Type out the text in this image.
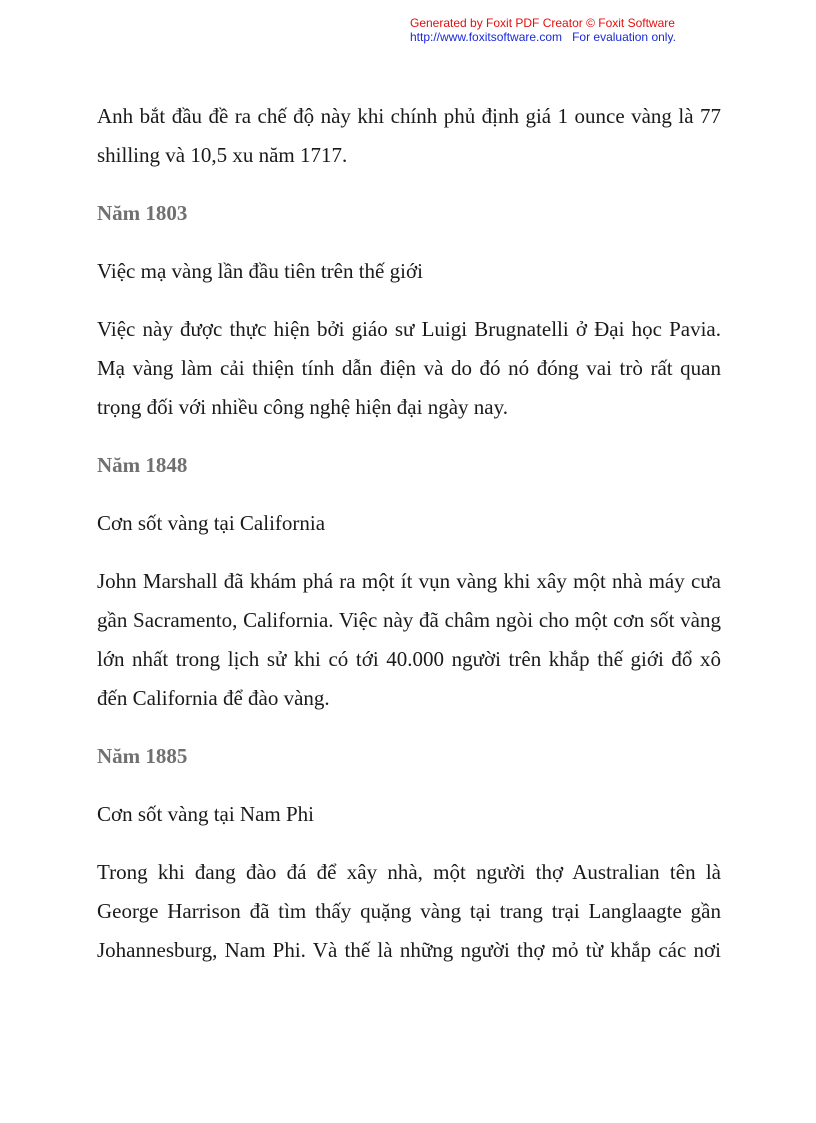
Generated by Foxit PDF Creator © Foxit Software
http://www.foxitsoftware.com For evaluation only.

Anh bắt đầu đề ra chế độ này khi chính phủ định giá 1 ounce vàng là 77 shilling và 10,5 xu năm 1717.

Năm 1803

Việc mạ vàng lần đầu tiên trên thế giới

Việc này được thực hiện bởi giáo sư Luigi Brugnatelli ở Đại học Pavia. Mạ vàng làm cải thiện tính dẫn điện và do đó nó đóng vai trò rất quan trọng đối với nhiều công nghệ hiện đại ngày nay.

Năm 1848

Cơn sốt vàng tại California

John Marshall đã khám phá ra một ít vụn vàng khi xây một nhà máy cưa gần Sacramento, California. Việc này đã châm ngòi cho một cơn sốt vàng lớn nhất trong lịch sử khi có tới 40.000 người trên khắp thế giới đổ xô đến California để đào vàng.

Năm 1885

Cơn sốt vàng tại Nam Phi

Trong khi đang đào đá để xây nhà, một người thợ Australian tên là George Harrison đã tìm thấy quặng vàng tại trang trại Langlaagte gần Johannesburg, Nam Phi. Và thế là những người thợ mỏ từ khắp các nơi
